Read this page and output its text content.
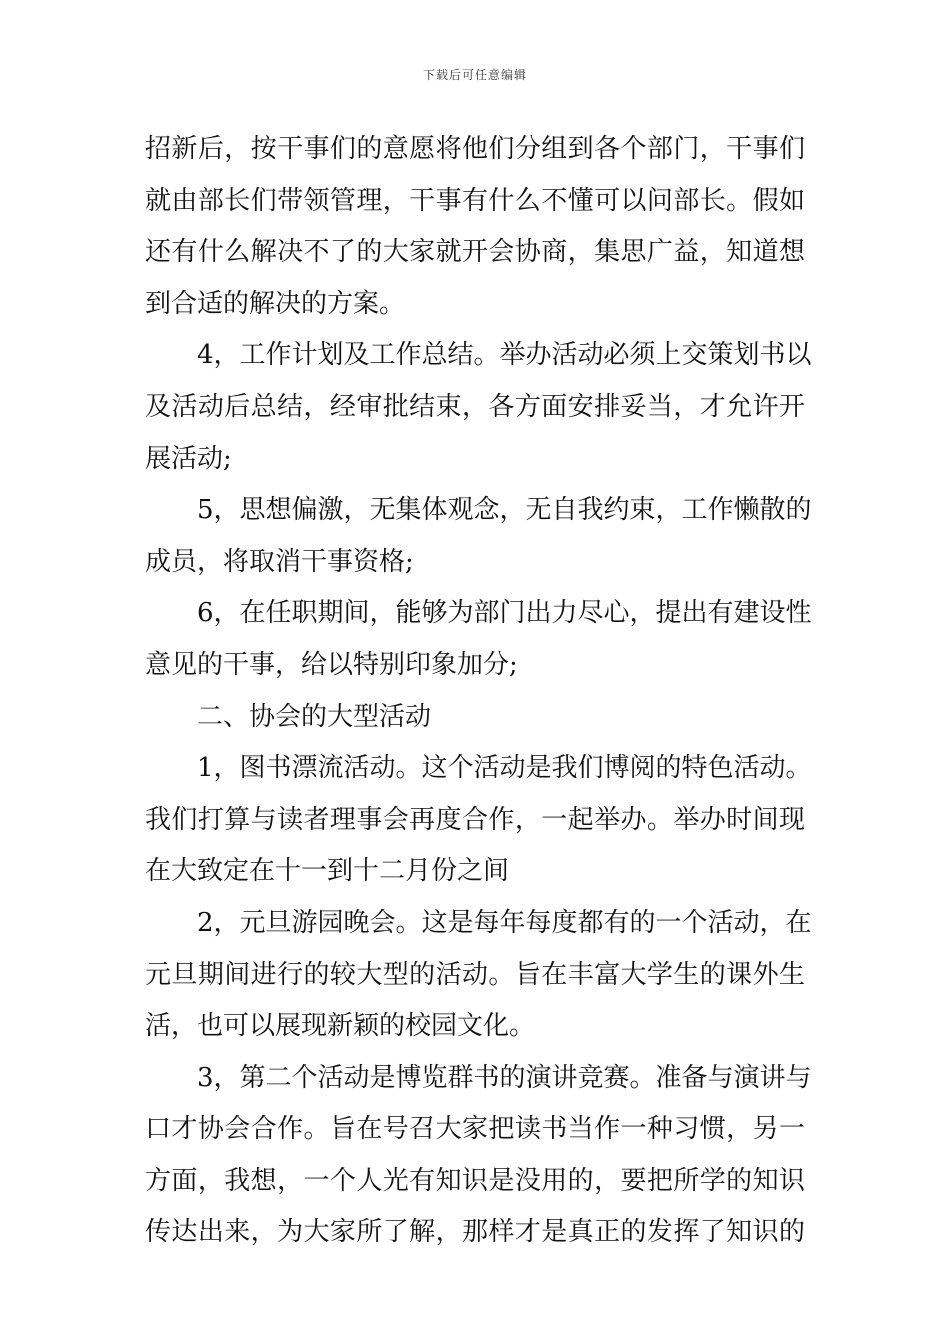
下载后可任意编辑
招新后，按干事们的意愿将他们分组到各个部门，干事们
就由部长们带领管理，干事有什么不懂可以问部长。假如
还有什么解决不了的大家就开会协商，集思广益，知道想
到合适的解决的方案。
4，工作计划及工作总结。举办活动必须上交策划书以
及活动后总结，经审批结束，各方面安排妥当，才允许开
展活动;
5，思想偏激，无集体观念，无自我约束，工作懒散的
成员，将取消干事资格;
6，在任职期间，能够为部门出力尽心，提出有建设性
意见的干事，给以特别印象加分;
二、协会的大型活动
1，图书漂流活动。这个活动是我们博阅的特色活动。
我们打算与读者理事会再度合作，一起举办。举办时间现
在大致定在十一到十二月份之间
2，元旦游园晚会。这是每年每度都有的一个活动，在
元旦期间进行的较大型的活动。旨在丰富大学生的课外生
活，也可以展现新颖的校园文化。
3，第二个活动是博览群书的演讲竞赛。准备与演讲与
口才协会合作。旨在号召大家把读书当作一种习惯，另一
方面，我想，一个人光有知识是没用的，要把所学的知识
传达出来，为大家所了解，那样才是真正的发挥了知识的
